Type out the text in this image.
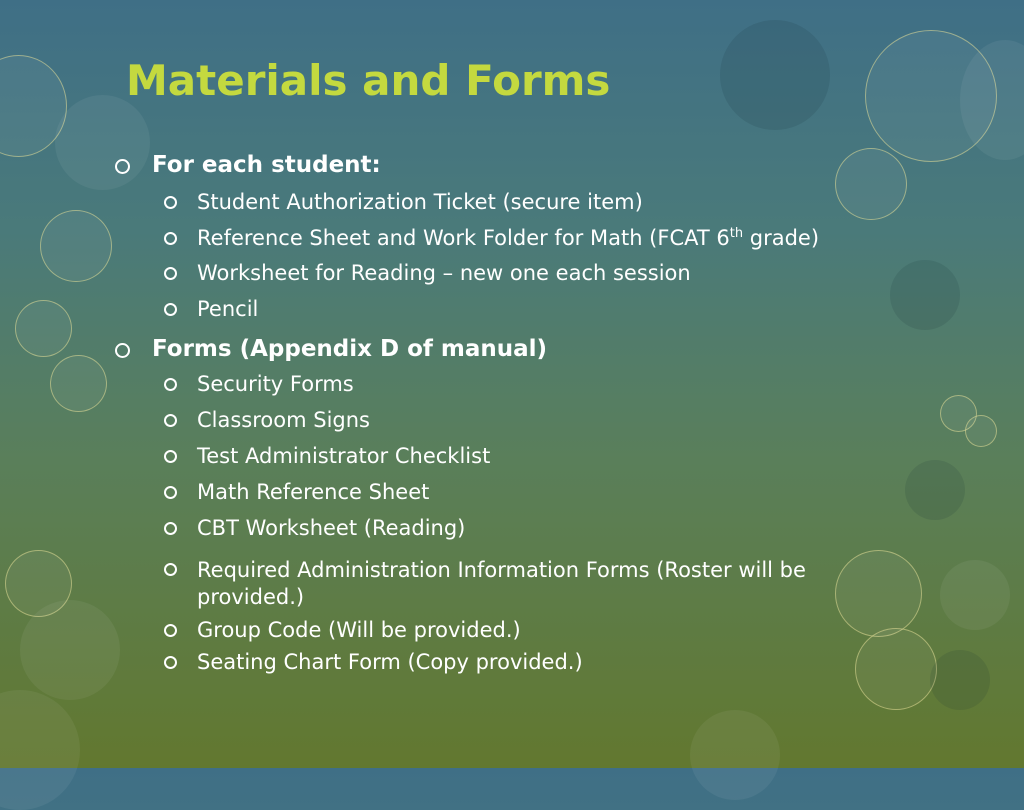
Materials and Forms
For each student:
Student Authorization Ticket (secure item)
Reference Sheet and Work Folder for Math (FCAT 6th grade)
Worksheet for Reading – new one each session
Pencil
Forms (Appendix D of manual)
Security Forms
Classroom Signs
Test Administrator Checklist
Math Reference Sheet
CBT Worksheet (Reading)
Required Administration Information Forms (Roster will be provided.)
Group Code (Will be provided.)
Seating Chart Form (Copy provided.)
